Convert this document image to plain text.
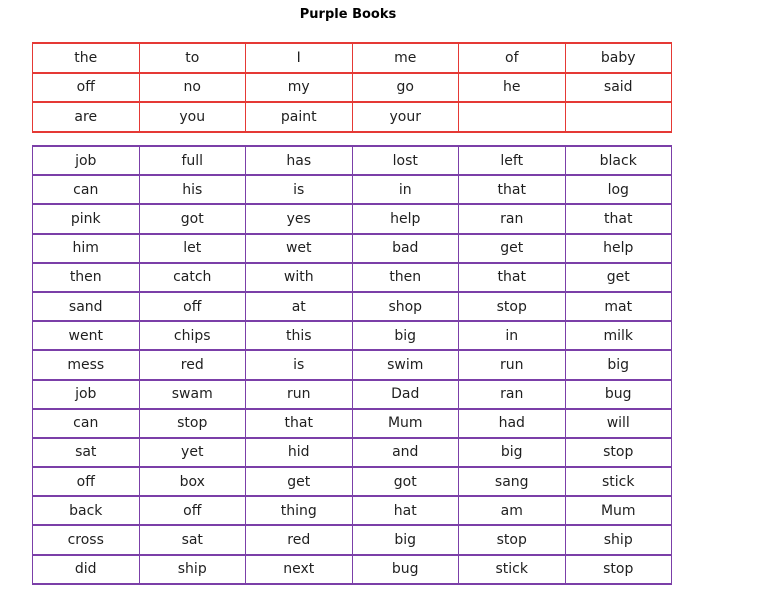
Purple Books
the	to	I	me	of	baby
off	no	my	go	he	said
are	you	paint	your		
job	full	has	lost	left	black
can	his	is	in	that	log
pink	got	yes	help	ran	that
him	let	wet	bad	get	help
then	catch	with	then	that	get
sand	off	at	shop	stop	mat
went	chips	this	big	in	milk
mess	red	is	swim	run	big
job	swam	run	Dad	ran	bug
can	stop	that	Mum	had	will
sat	yet	hid	and	big	stop
off	box	get	got	sang	stick
back	off	thing	hat	am	Mum
cross	sat	red	big	stop	ship
did	ship	next	bug	stick	stop
